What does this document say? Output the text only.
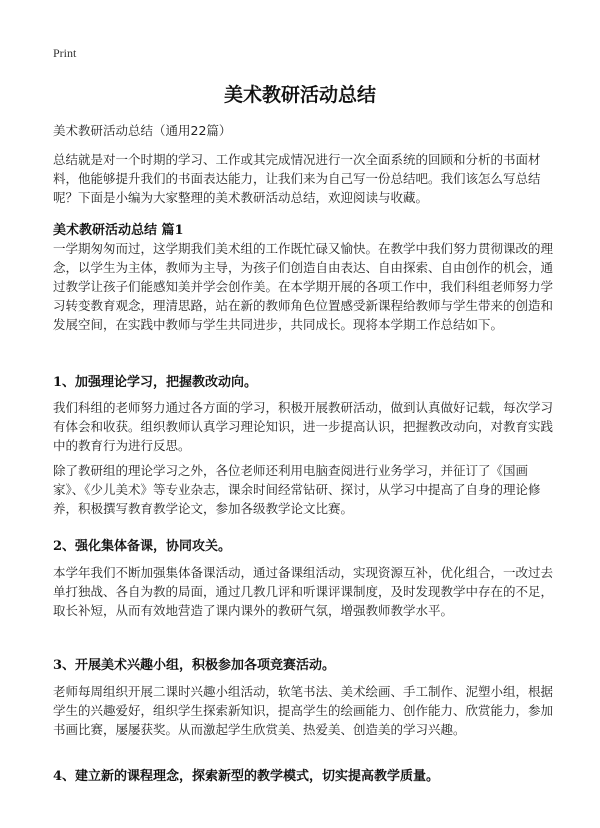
Print
美术教研活动总结

美术教研活动总结（通用22篇）

总结就是对一个时期的学习、工作或其完成情况进行一次全面系统的回顾和分析的书面材料，他能够提升我们的书面表达能力，让我们来为自己写一份总结吧。我们该怎么写总结呢？下面是小编为大家整理的美术教研活动总结，欢迎阅读与收藏。

美术教研活动总结 篇1

一学期匆匆而过，这学期我们美术组的工作既忙碌又愉快。在教学中我们努力贯彻课改的理念，以学生为主体，教师为主导，为孩子们创造自由表达、自由探索、自由创作的机会，通过教学让孩子们能感知美并学会创作美。在本学期开展的各项工作中，我们科组老师努力学习转变教育观念，理清思路，站在新的教师角色位置感受新课程给教师与学生带来的创造和发展空间，在实践中教师与学生共同进步，共同成长。现将本学期工作总结如下。

1、加强理论学习，把握教改动向。

我们科组的老师努力通过各方面的学习，积极开展教研活动，做到认真做好记载，每次学习有体会和收获。组织教师认真学习理论知识，进一步提高认识，把握教改动向，对教育实践中的教育行为进行反思。

除了教研组的理论学习之外，各位老师还利用电脑查阅进行业务学习，并征订了《国画家》、《少儿美术》等专业杂志，课余时间经常钻研、探讨，从学习中提高了自身的理论修养，积极撰写教育教学论文，参加各级教学论文比赛。

2、强化集体备课，协同攻关。

本学年我们不断加强集体备课活动，通过备课组活动，实现资源互补，优化组合，一改过去单打独战、各自为教的局面，通过几教几评和听课评课制度，及时发现教学中存在的不足，取长补短，从而有效地营造了课内课外的教研气氛，增强教师教学水平。

3、开展美术兴趣小组，积极参加各项竞赛活动。

老师每周组织开展二课时兴趣小组活动，软笔书法、美术绘画、手工制作、泥塑小组，根据学生的兴趣爱好，组织学生探索新知识，提高学生的绘画能力、创作能力、欣赏能力，参加书画比赛，屡屡获奖。从而激起学生欣赏美、热爱美、创造美的学习兴趣。

4、建立新的课程理念，探索新型的教学模式，切实提高教学质量。
